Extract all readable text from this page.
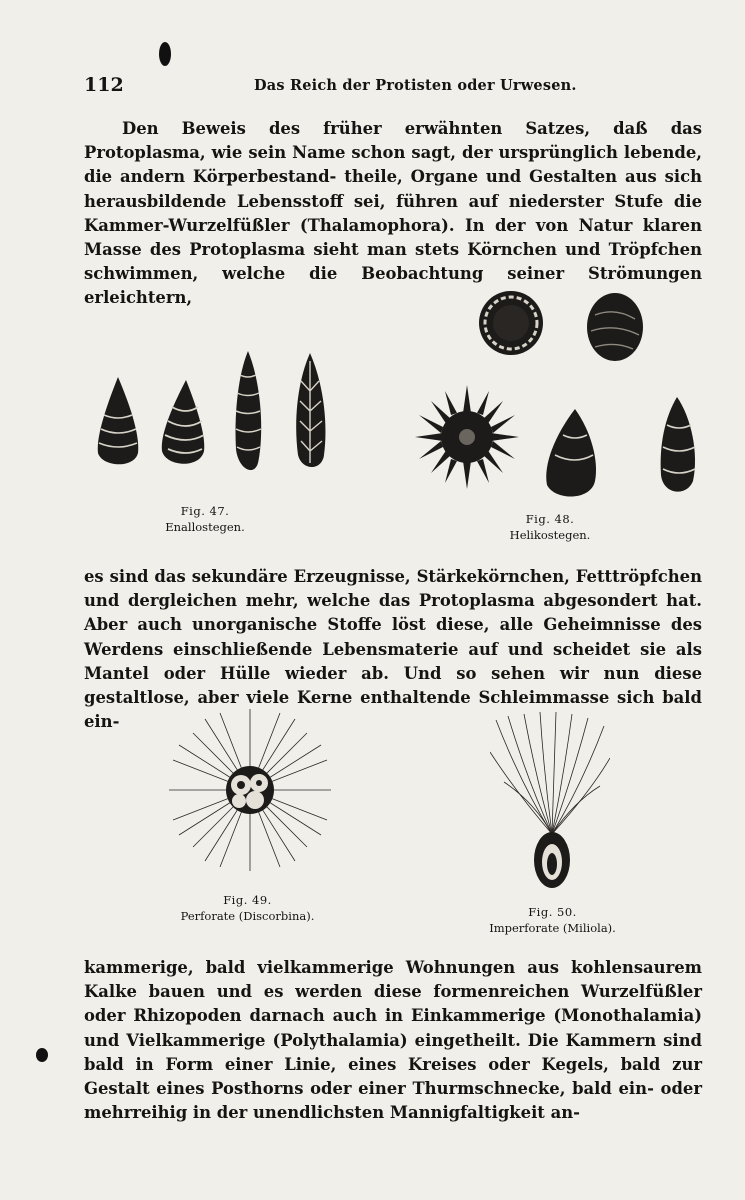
112	Das Reich der Protisten oder Urwesen.

Den Beweis des früher erwähnten Satzes, daß das Protoplasma, wie sein Name schon sagt, der ursprünglich lebende, die andern Körperbestand- theile, Organe und Gestalten aus sich herausbildende Lebensstoff sei, führen auf niederster Stufe die Kammer-Wurzelfüßler (Thalamophora). In der von Natur klaren Masse des Protoplasma sieht man stets Körnchen und Tröpfchen schwimmen, welche die Beobachtung seiner Strömungen erleichtern,

Fig. 47.
Enallostegen.
Fig. 48.
Helikostegen.

es sind das sekundäre Erzeugnisse, Stärkekörnchen, Fetttröpfchen und dergleichen mehr, welche das Protoplasma abgesondert hat. Aber auch unorganische Stoffe löst diese, alle Geheimnisse des Werdens einschließende Lebensmaterie auf und scheidet sie als Mantel oder Hülle wieder ab. Und so sehen wir nun diese gestaltlose, aber viele Kerne enthaltende Schleimmasse sich bald ein-

Fig. 49.
Perforate (Discorbina).	Fig. 50.
Imperforate (Miliola).

kammerige, bald vielkammerige Wohnungen aus kohlensaurem Kalke bauen und es werden diese formenreichen Wurzelfüßler oder Rhizopoden darnach auch in Einkammerige (Monothalamia) und Vielkammerige (Polythalamia) eingetheilt. Die Kammern sind bald in Form einer Linie, eines Kreises oder Kegels, bald zur Gestalt eines Posthorns oder einer Thurmschnecke, bald ein- oder mehrreihig in der unendlichsten Mannigfaltigkeit an-
